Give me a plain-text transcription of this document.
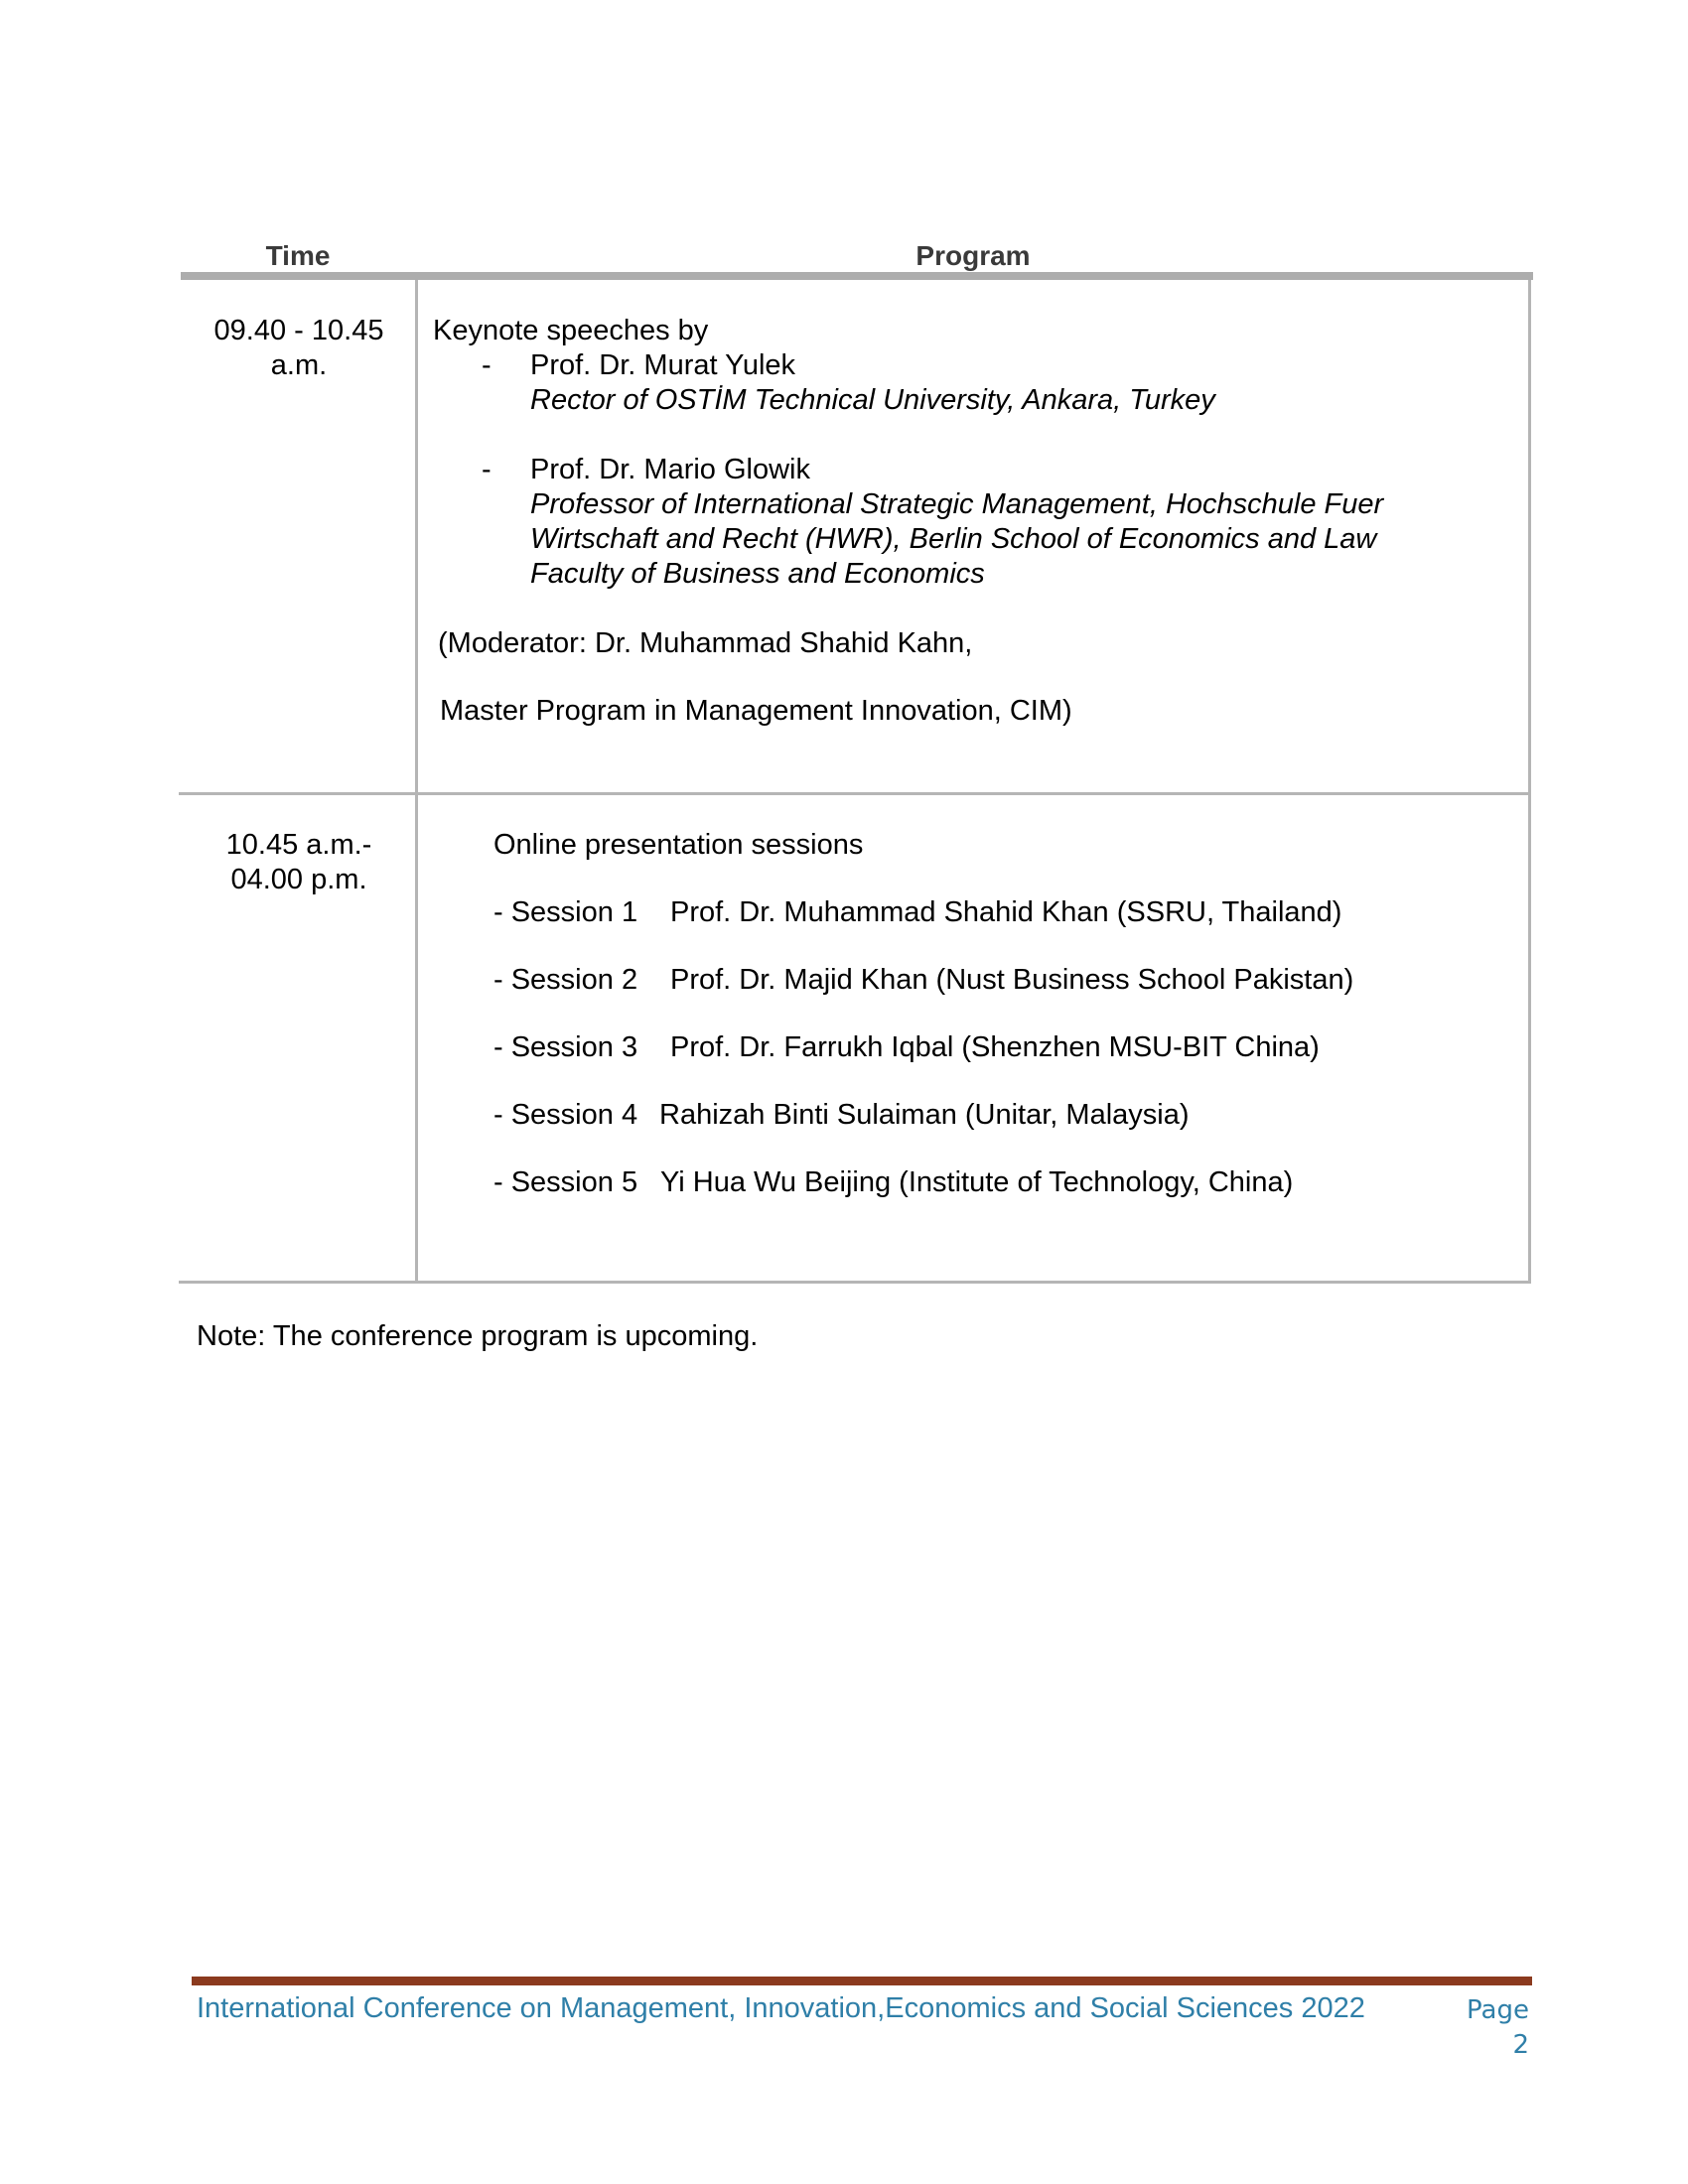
Time	Program
09.40 - 10.45
a.m.
Keynote speeches by
- Prof. Dr. Murat Yulek
Rector of OSTİM Technical University, Ankara, Turkey
- Prof. Dr. Mario Glowik
Professor of International Strategic Management, Hochschule Fuer
Wirtschaft and Recht (HWR), Berlin School of Economics and Law
Faculty of Business and Economics
(Moderator: Dr. Muhammad Shahid Kahn,
Master Program in Management Innovation, CIM)
10.45 a.m.-
04.00 p.m.
Online presentation sessions
- Session 1 Prof. Dr. Muhammad Shahid Khan (SSRU, Thailand)
- Session 2 Prof. Dr. Majid Khan (Nust Business School Pakistan)
- Session 3 Prof. Dr. Farrukh Iqbal (Shenzhen MSU-BIT China)
- Session 4 Rahizah Binti Sulaiman (Unitar, Malaysia)
- Session 5 Yi Hua Wu Beijing (Institute of Technology, China)
Note: The conference program is upcoming.
International Conference on Management, Innovation,Economics and Social Sciences 2022	Page 2
